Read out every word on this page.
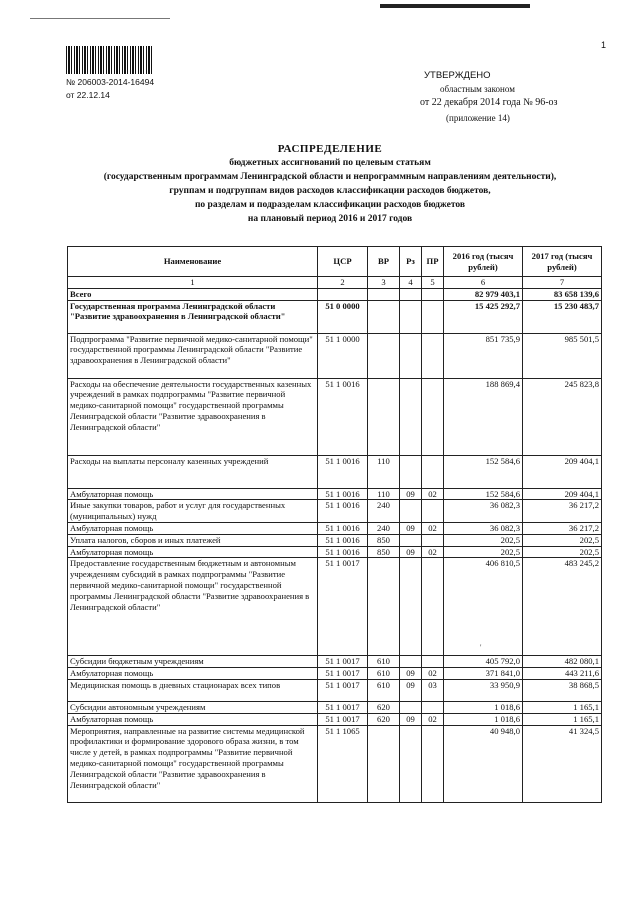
№ 206003-2014-16494
от 22.12.14
1
УТВЕРЖДЕНО
областным законом
от 22 декабря 2014 года № 96-оз
(приложение 14)
РАСПРЕДЕЛЕНИЕ
бюджетных ассигнований по целевым статьям
(государственным программам Ленинградской области и непрограммным направлениям деятельности),
группам и подгруппам видов расходов классификации расходов бюджетов,
по разделам и подразделам классификации расходов бюджетов
на плановый период 2016 и 2017 годов
Наименование	ЦСР	ВР	Рз	ПР	2016 год (тысяч рублей)	2017 год (тысяч рублей)
1	2	3	4	5	6	7
Всего					82 979 403,1	83 658 139,6
Государственная программа Ленинградской области "Развитие здравоохранения в Ленинградской области"	51 0 0000				15 425 292,7	15 230 483,7
Подпрограмма "Развитие первичной медико-санитарной помощи" государственной программы Ленинградской области "Развитие здравоохранения в Ленинградской области"	51 1 0000				851 735,9	985 501,5
Расходы на обеспечение деятельности государственных казенных учреждений в рамках подпрограммы "Развитие первичной медико-санитарной помощи" государственной программы Ленинградской области "Развитие здравоохранения в Ленинградской области"	51 1 0016				188 869,4	245 823,8
Расходы на выплаты персоналу казенных учреждений	51 1 0016	110			152 584,6	209 404,1
Амбулаторная помощь	51 1 0016	110	09	02	152 584,6	209 404,1
Иные закупки товаров, работ и услуг для государственных (муниципальных) нужд	51 1 0016	240			36 082,3	36 217,2
Амбулаторная помощь	51 1 0016	240	09	02	36 082,3	36 217,2
Уплата налогов, сборов и иных платежей	51 1 0016	850			202,5	202,5
Амбулаторная помощь	51 1 0016	850	09	02	202,5	202,5
Предоставление государственным бюджетным и автономным учреждениям субсидий в рамках подпрограммы "Развитие первичной медико-санитарной помощи" государственной программы Ленинградской области "Развитие здравоохранения в Ленинградской области"	51 1 0017				406 810,5	483 245,2
Субсидии бюджетным учреждениям	51 1 0017	610			405 792,0	482 080,1
Амбулаторная помощь	51 1 0017	610	09	02	371 841,0	443 211,6
Медицинская помощь в дневных стационарах всех типов	51 1 0017	610	09	03	33 950,9	38 868,5
Субсидии автономным учреждениям	51 1 0017	620			1 018,6	1 165,1
Амбулаторная помощь	51 1 0017	620	09	02	1 018,6	1 165,1
Мероприятия, направленные на развитие системы медицинской профилактики и формирование здорового образа жизни, в том числе у детей, в рамках подпрограммы "Развитие первичной медико-санитарной помощи" государственной программы Ленинградской области "Развитие здравоохранения в Ленинградской области"	51 1 1065				40 948,0	41 324,5
'
